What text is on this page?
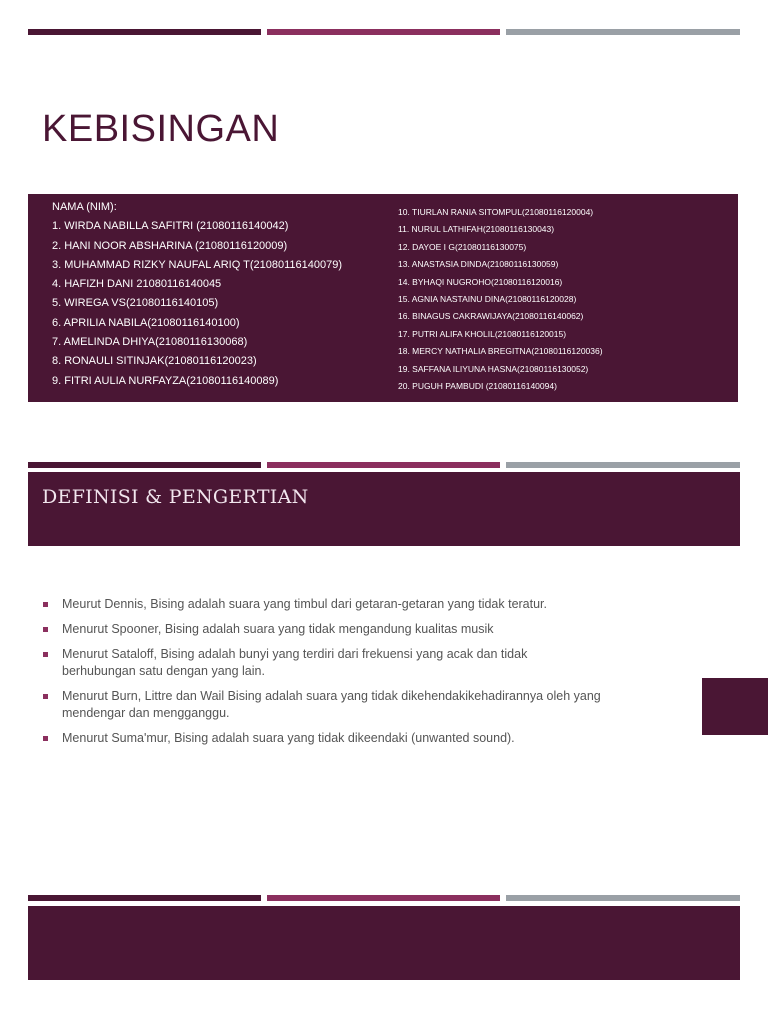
KEBISINGAN
NAMA (NIM):
1. WIRDA NABILLA SAFITRI (21080116140042)
2. HANI NOOR ABSHARINA (21080116120009)
3. MUHAMMAD RIZKY NAUFAL ARIQ T(21080116140079)
4. HAFIZH DANI 21080116140045
5. WIREGA VS(21080116140105)
6. APRILIA NABILA(21080116140100)
7. AMELINDA DHIYA(21080116130068)
8. RONAULI SITINJAK(21080116120023)
9. FITRI AULIA NURFAYZA(21080116140089)
10. TIURLAN RANIA SITOMPUL(21080116120004)
11. NURUL LATHIFAH(21080116130043)
12. DAYOE I G(21080116130075)
13. ANASTASIA DINDA(21080116130059)
14. BYHAQI NUGROHO(21080116120016)
15. AGNIA NASTAINU DINA(21080116120028)
16. BINAGUS CAKRAWIJAYA(21080116140062)
17. PUTRI ALIFA KHOLIL(21080116120015)
18. MERCY NATHALIA BREGITNA(21080116120036)
19. SAFFANA ILIYUNA HASNA(21080116130052)
20. PUGUH PAMBUDI (21080116140094)
DEFINISI & PENGERTIAN
Meurut Dennis, Bising adalah suara yang timbul dari getaran-getaran yang tidak teratur.
Menurut Spooner, Bising adalah suara yang tidak mengandung kualitas musik
Menurut Sataloff, Bising adalah bunyi yang terdiri dari frekuensi yang acak dan tidak berhubungan satu dengan yang lain.
Menurut Burn, Littre dan Wail Bising adalah suara yang tidak dikehendakikehadirannya oleh yang mendengar dan mengganggu.
Menurut Suma'mur, Bising adalah suara yang tidak dikeendaki (unwanted sound).
